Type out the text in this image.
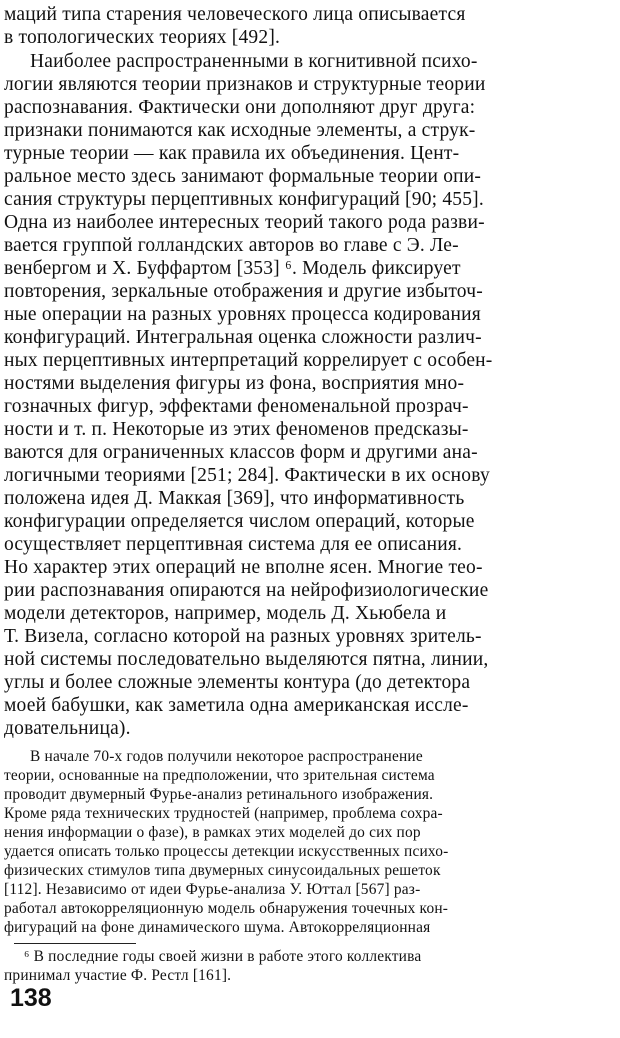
маций типа старения человеческого лица описывается
в топологических теориях [492].
Наиболее распространенными в когнитивной психо-
логии являются теории признаков и структурные теории
распознавания. Фактически они дополняют друг друга:
признаки понимаются как исходные элементы, а струк-
турные теории — как правила их объединения. Цент-
ральное место здесь занимают формальные теории опи-
сания структуры перцептивных конфигураций [90; 455].
Одна из наиболее интересных теорий такого рода разви-
вается группой голландских авторов во главе с Э. Ле-
венбергом и X. Буффартом [353] ⁶. Модель фиксирует
повторения, зеркальные отображения и другие избыточ-
ные операции на разных уровнях процесса кодирования
конфигураций. Интегральная оценка сложности различ-
ных перцептивных интерпретаций коррелирует с особен-
ностями выделения фигуры из фона, восприятия мно-
гозначных фигур, эффектами феноменальной прозрач-
ности и т. п. Некоторые из этих феноменов предсказы-
ваются для ограниченных классов форм и другими ана-
логичными теориями [251; 284]. Фактически в их основу
положена идея Д. Маккая [369], что информативность
конфигурации определяется числом операций, которые
осуществляет перцептивная система для ее описания.
Но характер этих операций не вполне ясен. Многие тео-
рии распознавания опираются на нейрофизиологические
модели детекторов, например, модель Д. Хьюбела и
Т. Визела, согласно которой на разных уровнях зритель-
ной системы последовательно выделяются пятна, линии,
углы и более сложные элементы контура (до детектора
моей бабушки, как заметила одна американская иссле-
довательница).
В начале 70-х годов получили некоторое распространение
теории, основанные на предположении, что зрительная система
проводит двумерный Фурье-анализ ретинального изображения.
Кроме ряда технических трудностей (например, проблема сохра-
нения информации о фазе), в рамках этих моделей до сих пор
удается описать только процессы детекции искусственных психо-
физических стимулов типа двумерных синусоидальных решеток
[112]. Независимо от идеи Фурье-анализа У. Юттал [567] раз-
работал автокорреляционную модель обнаружения точечных кон-
фигураций на фоне динамического шума. Автокорреляционная
⁶ В последние годы своей жизни в работе этого коллектива
принимал участие Ф. Рестл [161].
138
